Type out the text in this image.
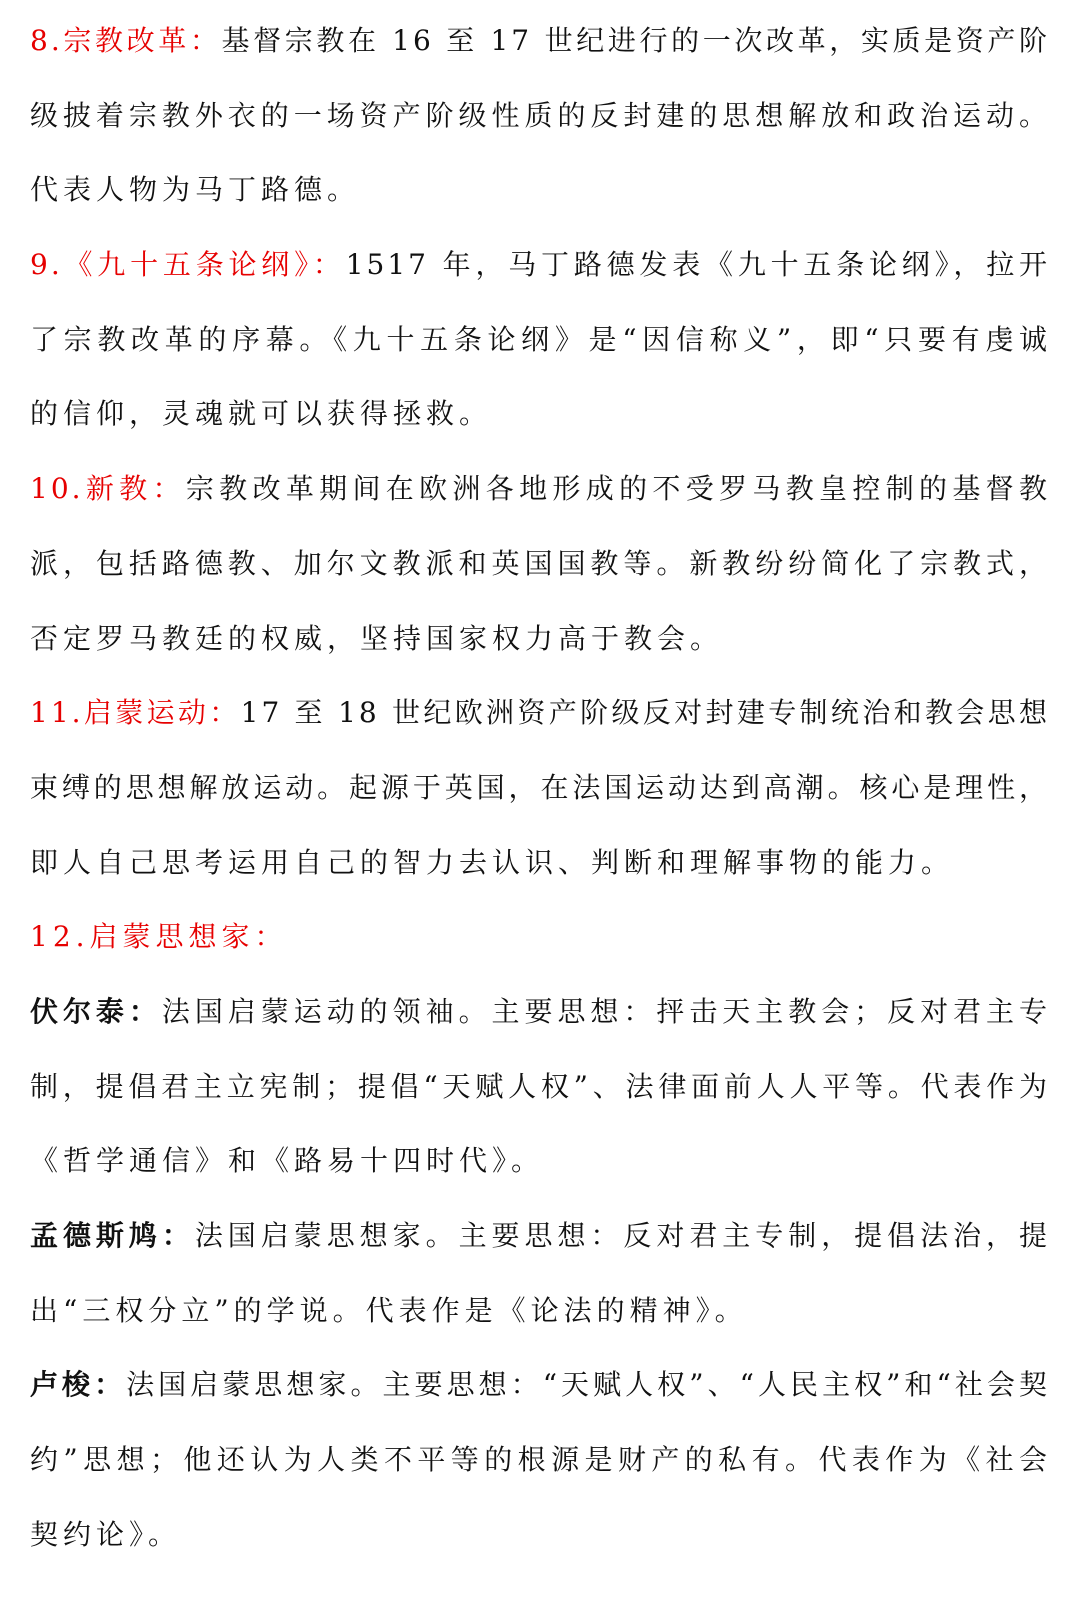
8.宗教改革：基督宗教在 16 至 17 世纪进行的一次改革，实质是资产阶
级披着宗教外衣的一场资产阶级性质的反封建的思想解放和政治运动。
代表人物为马丁路德。
9.《九十五条论纲》：1517 年，马丁路德发表《九十五条论纲》，拉开
了宗教改革的序幕。《九十五条论纲》是“因信称义”，即“只要有虔诚
的信仰，灵魂就可以获得拯救。
10.新教：宗教改革期间在欧洲各地形成的不受罗马教皇控制的基督教
派，包括路德教、加尔文教派和英国国教等。新教纷纷简化了宗教式，
否定罗马教廷的权威，坚持国家权力高于教会。
11.启蒙运动：17 至 18 世纪欧洲资产阶级反对封建专制统治和教会思想
束缚的思想解放运动。起源于英国，在法国运动达到高潮。核心是理性，
即人自己思考运用自己的智力去认识、判断和理解事物的能力。
12.启蒙思想家：
伏尔泰：法国启蒙运动的领袖。主要思想：抨击天主教会；反对君主专
制，提倡君主立宪制；提倡“天赋人权”、法律面前人人平等。代表作为
《哲学通信》和《路易十四时代》。
孟德斯鸠：法国启蒙思想家。主要思想：反对君主专制，提倡法治，提
出“三权分立”的学说。代表作是《论法的精神》。
卢梭：法国启蒙思想家。主要思想：“天赋人权”、“人民主权”和“社会契
约”思想；他还认为人类不平等的根源是财产的私有。代表作为《社会
契约论》。
